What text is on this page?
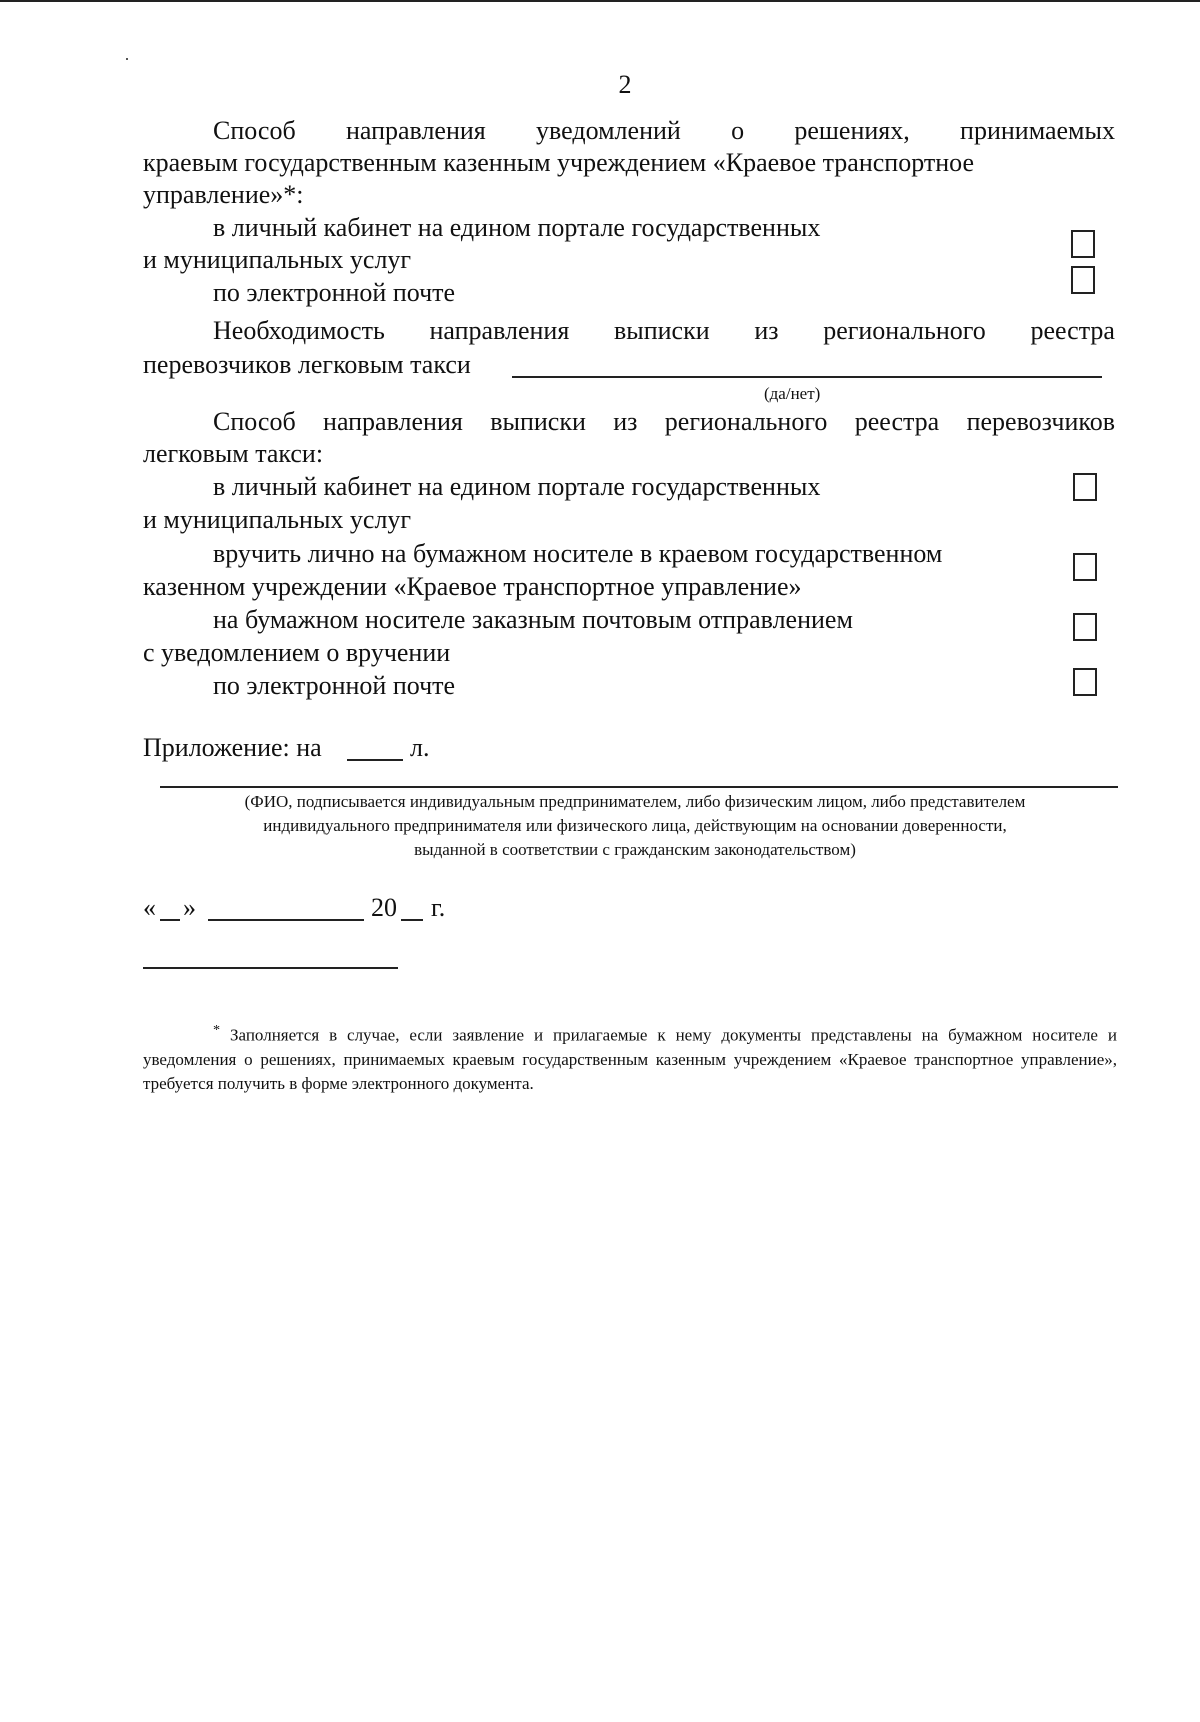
2
Способ направления уведомлений о решениях, принимаемых
краевым государственным казенным учреждением «Краевое транспортное
управление»*:
в личный кабинет на едином портале государственных
и муниципальных услуг
по электронной почте
Необходимость направления выписки из регионального реестра
перевозчиков легковым такси
(да/нет)
Способ направления выписки из регионального реестра перевозчиков
легковым такси:
в личный кабинет на едином портале государственных
и муниципальных услуг
вручить лично на бумажном носителе в краевом государственном
казенном учреждении «Краевое транспортное управление»
на бумажном носителе заказным почтовым отправлением
с уведомлением о вручении
по электронной почте
Приложение: на	л.
(ФИО, подписывается индивидуальным предпринимателем, либо физическим лицом, либо представителем
индивидуального предпринимателя или физического лица, действующим на основании доверенности,
выданной в соответствии с гражданским законодательством)
« »	20 г.
* Заполняется в случае, если заявление и прилагаемые к нему документы представлены на бумажном носителе и уведомления о решениях, принимаемых краевым государственным казенным учреждением «Краевое транспортное управление», требуется получить в форме электронного документа.
